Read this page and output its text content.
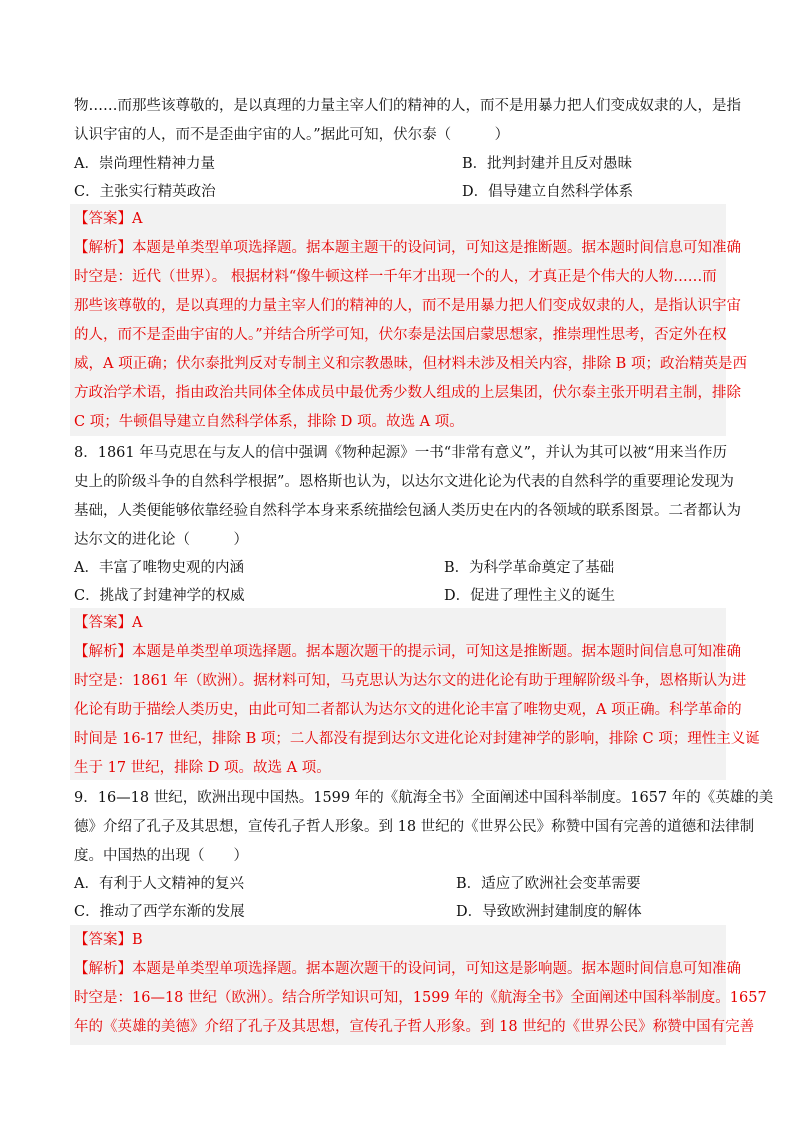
物……而那些该尊敬的，是以真理的力量主宰人们的精神的人，而不是用暴力把人们变成奴隶的人，是指
认识宇宙的人，而不是歪曲宇宙的人。”据此可知，伏尔泰（　　　）
A．崇尚理性精神力量	B．批判封建并且反对愚昧
C．主张实行精英政治	D．倡导建立自然科学体系
【答案】A
【解析】本题是单类型单项选择题。据本题主题干的设问词，可知这是推断题。据本题时间信息可知准确
时空是：近代（世界）。 根据材料“像牛顿这样一千年才出现一个的人，才真正是个伟大的人物……而
那些该尊敬的，是以真理的力量主宰人们的精神的人，而不是用暴力把人们变成奴隶的人，是指认识宇宙
的人，而不是歪曲宇宙的人。”并结合所学可知，伏尔泰是法国启蒙思想家，推崇理性思考，否定外在权
威，A 项正确；伏尔泰批判反对专制主义和宗教愚昧，但材料未涉及相关内容，排除 B 项；政治精英是西
方政治学术语，指由政治共同体全体成员中最优秀少数人组成的上层集团，伏尔泰主张开明君主制，排除
C 项；牛顿倡导建立自然科学体系，排除 D 项。故选 A 项。
8．1861 年马克思在与友人的信中强调《物种起源》一书“非常有意义”，并认为其可以被“用来当作历
史上的阶级斗争的自然科学根据”。恩格斯也认为，以达尔文进化论为代表的自然科学的重要理论发现为
基础，人类便能够依靠经验自然科学本身来系统描绘包涵人类历史在内的各领域的联系图景。二者都认为
达尔文的进化论（　　　）
A．丰富了唯物史观的内涵	B．为科学革命奠定了基础
C．挑战了封建神学的权威	D．促进了理性主义的诞生
【答案】A
【解析】本题是单类型单项选择题。据本题次题干的提示词，可知这是推断题。据本题时间信息可知准确
时空是：1861 年（欧洲）。据材料可知，马克思认为达尔文的进化论有助于理解阶级斗争，恩格斯认为进
化论有助于描绘人类历史，由此可知二者都认为达尔文的进化论丰富了唯物史观，A 项正确。科学革命的
时间是 16-17 世纪，排除 B 项；二人都没有提到达尔文进化论对封建神学的影响，排除 C 项；理性主义诞
生于 17 世纪，排除 D 项。故选 A 项。
9．16—18 世纪，欧洲出现中国热。1599 年的《航海全书》全面阐述中国科举制度。1657 年的《英雄的美
德》介绍了孔子及其思想，宣传孔子哲人形象。到 18 世纪的《世界公民》称赞中国有完善的道德和法律制
度。中国热的出现（　　）
A．有利于人文精神的复兴	B．适应了欧洲社会变革需要
C．推动了西学东渐的发展	D．导致欧洲封建制度的解体
【答案】B
【解析】本题是单类型单项选择题。据本题次题干的设问词，可知这是影响题。据本题时间信息可知准确
时空是：16—18 世纪（欧洲）。结合所学知识可知，1599 年的《航海全书》全面阐述中国科举制度。1657
年的《英雄的美德》介绍了孔子及其思想，宣传孔子哲人形象。到 18 世纪的《世界公民》称赞中国有完善
